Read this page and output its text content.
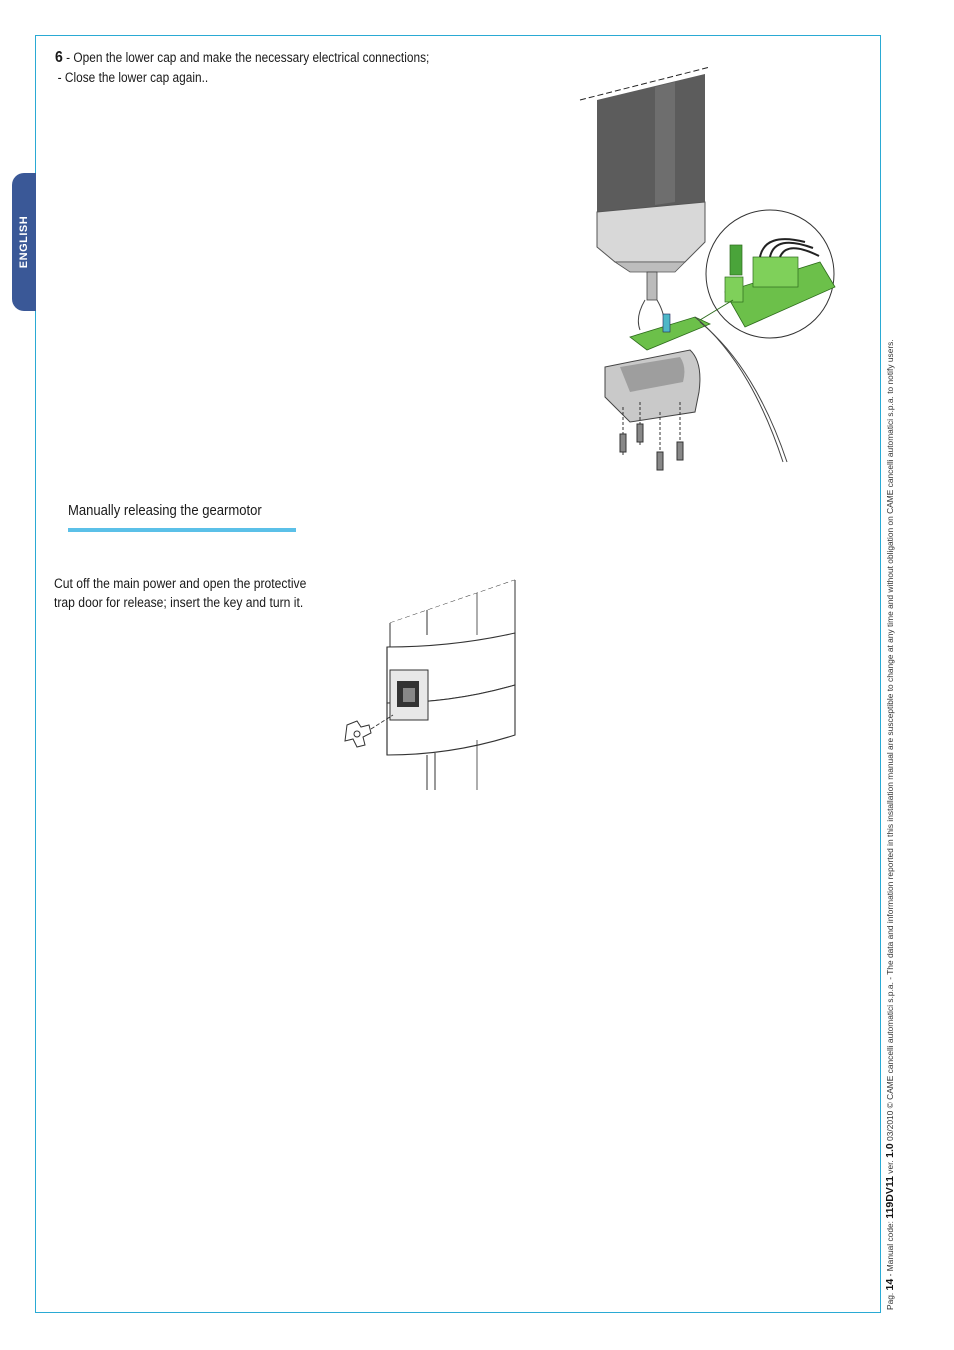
ENGLISH
6 - Open the lower cap and make the necessary electrical connections;
- Close the lower cap again..
Manually releasing the gearmotor
Cut off the main power and open the protective
trap door for release; insert the key and turn it.
Pag. 14 - Manual code: 119DV11 ver. 1.0 03/2010 © CAME cancelli automatici s.p.a. - The data and information reported in this installation manual are susceptible to change at any time and without obligation on CAME cancelli automatici s.p.a. to notify users.
